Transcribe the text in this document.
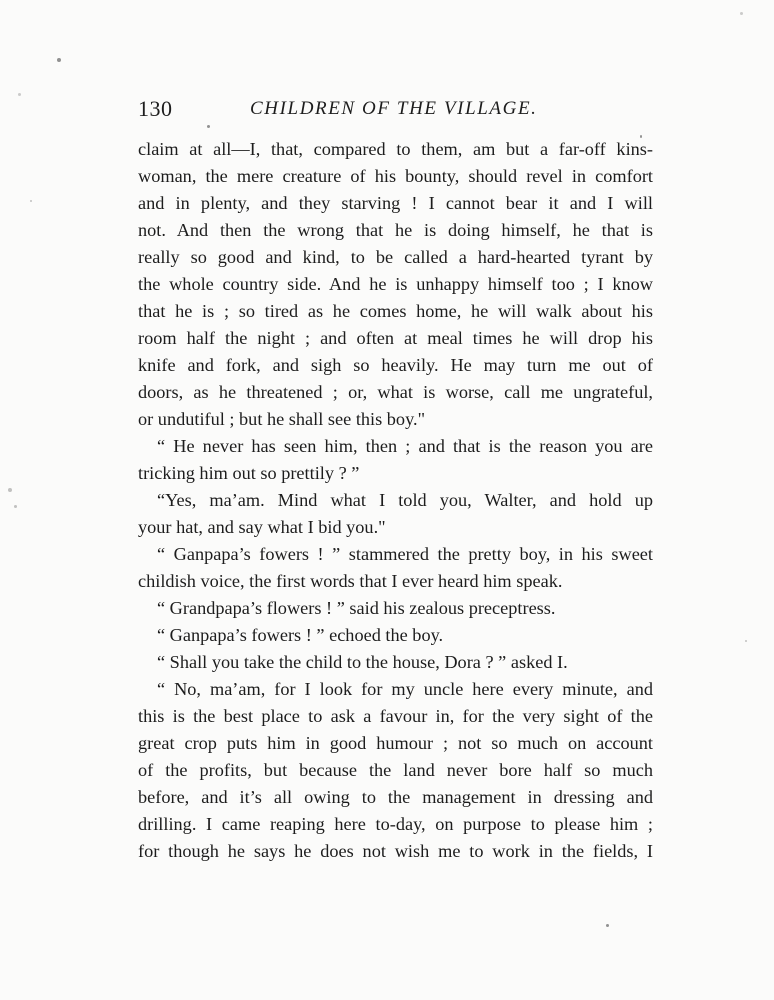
130	CHILDREN OF THE VILLAGE.
claim at all—I, that, compared to them, am but a far-off kins-
woman, the mere creature of his bounty, should revel in comfort
and in plenty, and they starving ! I cannot bear it and I will
not. And then the wrong that he is doing himself, he that is
really so good and kind, to be called a hard-hearted tyrant by
the whole country side. And he is unhappy himself too ; I know
that he is ; so tired as he comes home, he will walk about his
room half the night ; and often at meal times he will drop his
knife and fork, and sigh so heavily. He may turn me out of
doors, as he threatened ; or, what is worse, call me ungrateful,
or undutiful ; but he shall see this boy."
“ He never has seen him, then ; and that is the reason you are
tricking him out so prettily ? ”
“Yes, ma’am. Mind what I told you, Walter, and hold up
your hat, and say what I bid you."
“ Ganpapa’s fowers ! ” stammered the pretty boy, in his sweet
childish voice, the first words that I ever heard him speak.
“ Grandpapa’s flowers ! ” said his zealous preceptress.
“ Ganpapa’s fowers ! ” echoed the boy.
“ Shall you take the child to the house, Dora ? ” asked I.
“ No, ma’am, for I look for my uncle here every minute, and
this is the best place to ask a favour in, for the very sight of the
great crop puts him in good humour ; not so much on account
of the profits, but because the land never bore half so much
before, and it’s all owing to the management in dressing and
drilling. I came reaping here to-day, on purpose to please him ;
for though he says he does not wish me to work in the fields, I
